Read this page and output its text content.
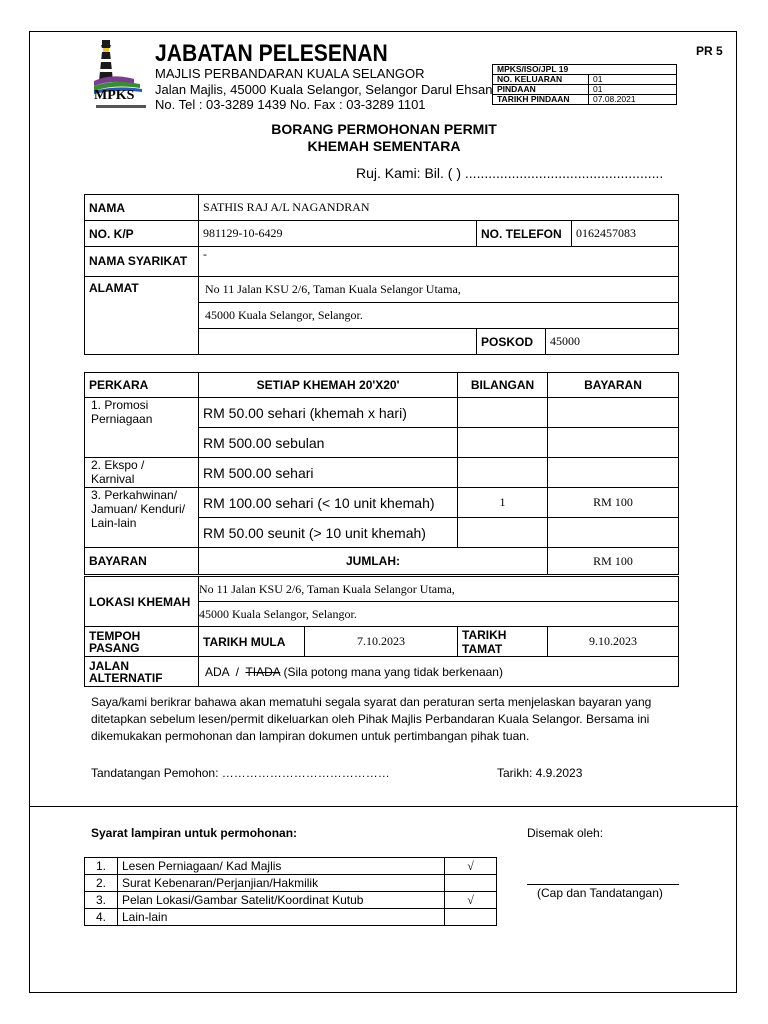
MPKS
JABATAN PELESENAN
MAJLIS PERBANDARAN KUALA SELANGOR
Jalan Majlis, 45000 Kuala Selangor, Selangor Darul Ehsan
No. Tel : 03-3289 1439 No. Fax : 03-3289 1101
PR 5
MPKS/ISO/JPL 19	
NO. KELUARAN	01
PINDAAN	01
TARIKH PINDAAN	07.08.2021
BORANG PERMOHONAN PERMIT
KHEMAH SEMENTARA
Ruj. Kami: Bil. ( ) ...................................................
NAMA	SATHIS RAJ A/L NAGANDRAN			
NO. K/P	981129-10-6429	NO. TELEFON		0162457083
NAMA SYARIKAT	-			
ALAMAT	No 11 Jalan KSU 2/6, Taman Kuala Selangor Utama,			
	45000 Kuala Selangor, Selangor.			
		POSKOD	45000	
PERKARA	SETIAP KHEMAH 20'X20'	BILANGAN	BAYARAN

1. Promosi Perniagaan	RM 50.00 sehari (khemah x hari)		
	RM 500.00 sebulan		

2. Ekspo / Karnival	RM 500.00 sehari		

3. Perkahwinan/ Jamuan/ Kenduri/ Lain-lain	RM 100.00 sehari (< 10 unit khemah)	1	RM 100
	RM 50.00 seunit (> 10 unit khemah)		
BAYARAN	JUMLAH:		RM 100
LOKASI KHEMAH	No 11 Jalan KSU 2/6, Taman Kuala Selangor Utama,			
	45000 Kuala Selangor, Selangor.			
TEMPOH PASANG	TARIKH MULA	7.10.2023	TARIKH TAMAT	9.10.2023
JALAN ALTERNATIF	ADA  /  TIADA (Sila potong mana yang tidak berkenaan)			
Saya/kami berikrar bahawa akan mematuhi segala syarat dan peraturan serta menjelaskan bayaran yang ditetapkan sebelum lesen/permit dikeluarkan oleh Pihak Majlis Perbandaran Kuala Selangor. Bersama ini dikemukakan permohonan dan lampiran dokumen untuk pertimbangan pihak tuan.
Tandatangan Pemohon: ……………………………………	Tarikh: 4.9.2023
Syarat lampiran untuk permohonan:	Disemak oleh:
1.	Lesen Perniagaan/ Kad Majlis	√
2.	Surat Kebenaran/Perjanjian/Hakmilik	
3.	Pelan Lokasi/Gambar Satelit/Koordinat Kutub	√
4.	Lain-lain	
(Cap dan Tandatangan)
